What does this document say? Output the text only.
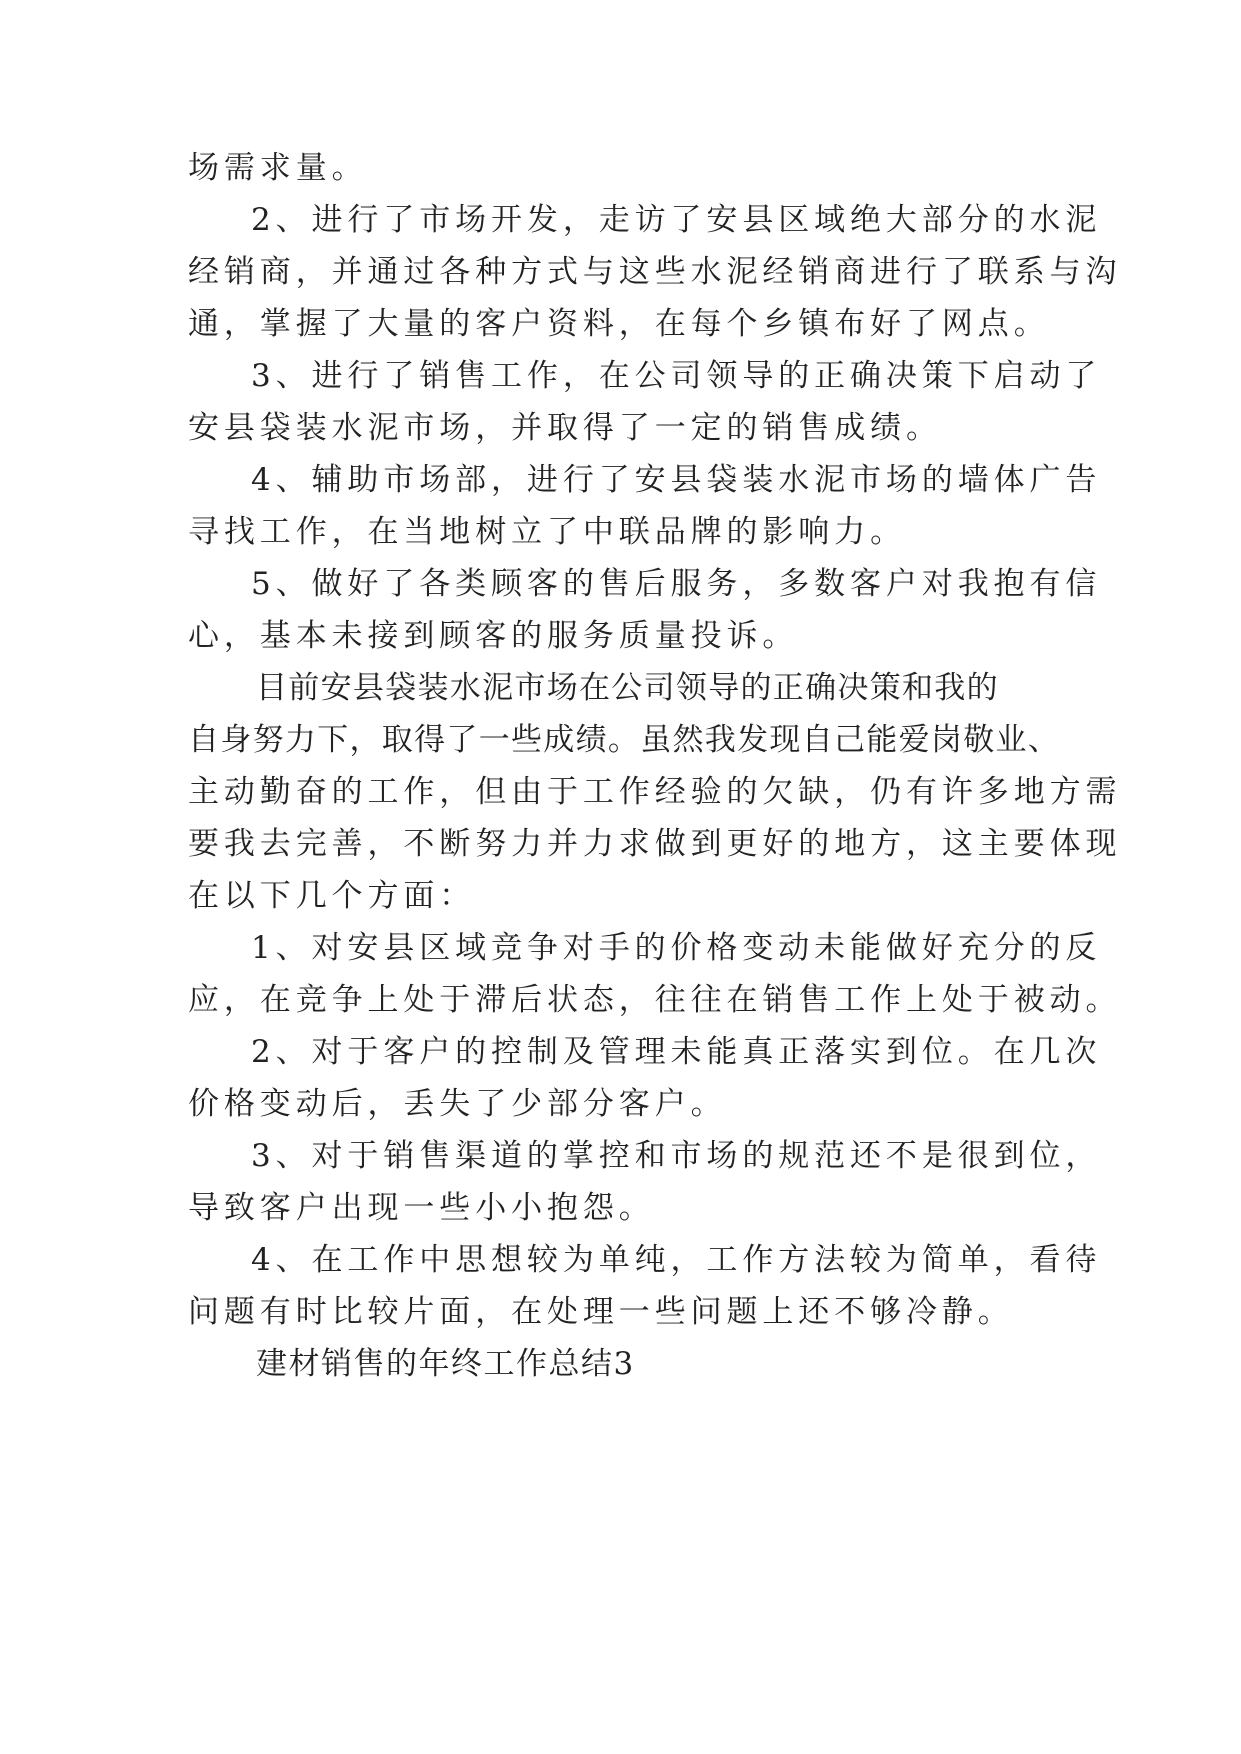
场需求量。
2、进行了市场开发，走访了安县区域绝大部分的水泥
经销商，并通过各种方式与这些水泥经销商进行了联系与沟
通，掌握了大量的客户资料，在每个乡镇布好了网点。
3、进行了销售工作，在公司领导的正确决策下启动了
安县袋装水泥市场，并取得了一定的销售成绩。
4、辅助市场部，进行了安县袋装水泥市场的墙体广告
寻找工作，在当地树立了中联品牌的影响力。
5、做好了各类顾客的售后服务，多数客户对我抱有信
心，基本未接到顾客的服务质量投诉。
目前安县袋装水泥市场在公司领导的正确决策和我的
自身努力下，取得了一些成绩。虽然我发现自己能爱岗敬业、
主动勤奋的工作，但由于工作经验的欠缺，仍有许多地方需
要我去完善，不断努力并力求做到更好的地方，这主要体现
在以下几个方面：
1、对安县区域竞争对手的价格变动未能做好充分的反
应，在竞争上处于滞后状态，往往在销售工作上处于被动。
2、对于客户的控制及管理未能真正落实到位。在几次
价格变动后，丢失了少部分客户。
3、对于销售渠道的掌控和市场的规范还不是很到位，
导致客户出现一些小小抱怨。
4、在工作中思想较为单纯，工作方法较为简单，看待
问题有时比较片面，在处理一些问题上还不够冷静。
建材销售的年终工作总结3
